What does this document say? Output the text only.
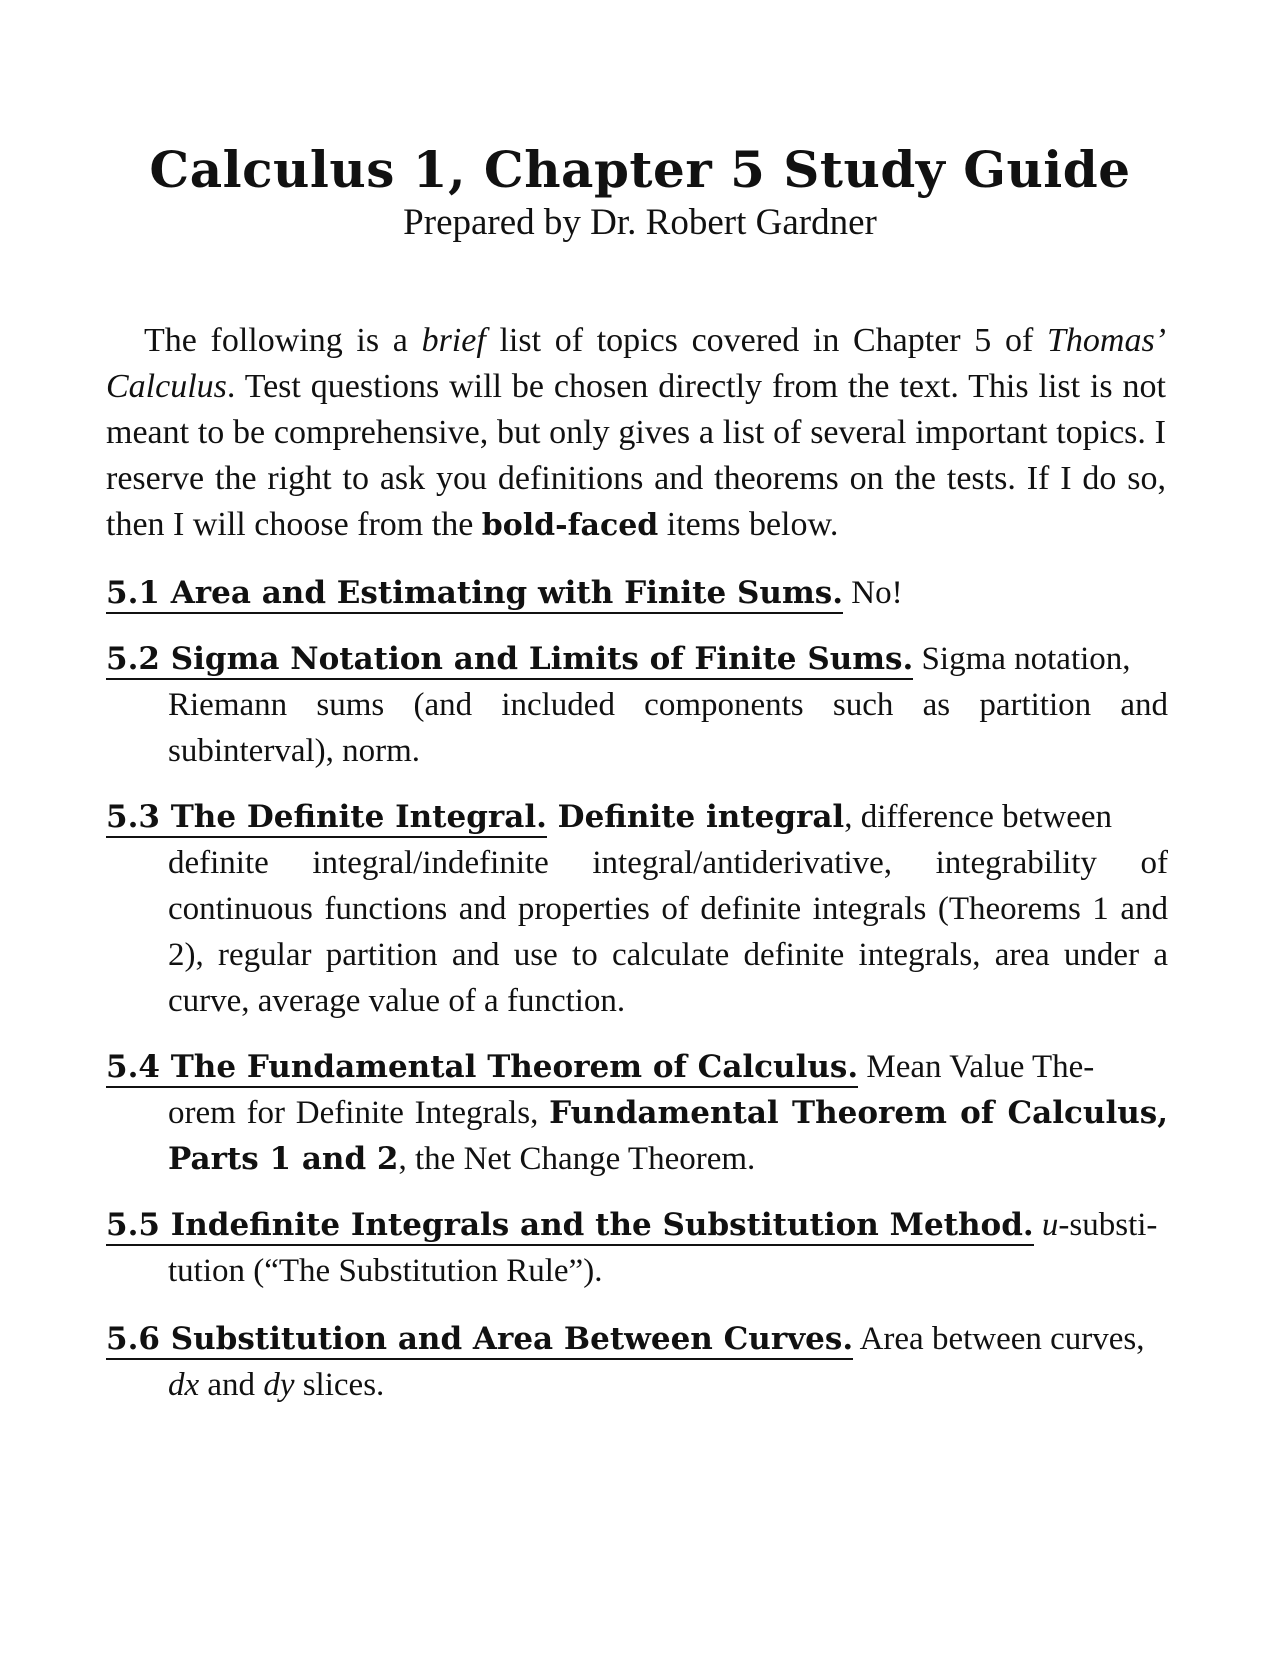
Calculus 1, Chapter 5 Study Guide
Prepared by Dr. Robert Gardner
The following is a brief list of topics covered in Chapter 5 of Thomas’ Calculus. Test questions will be chosen directly from the text. This list is not meant to be comprehensive, but only gives a list of several important topics. I reserve the right to ask you definitions and theorems on the tests. If I do so, then I will choose from the bold-faced items below.
5.1 Area and Estimating with Finite Sums. No!
5.2 Sigma Notation and Limits of Finite Sums. Sigma notation,
Riemann sums (and included components such as partition and subinterval), norm.
5.3 The Definite Integral. Definite integral, difference between
definite integral/indefinite integral/antiderivative, integrability of continuous functions and properties of definite integrals (Theorems 1 and 2), regular partition and use to calculate definite integrals, area under a curve, average value of a function.
5.4 The Fundamental Theorem of Calculus. Mean Value The-
orem for Definite Integrals, Fundamental Theorem of Calculus, Parts 1 and 2, the Net Change Theorem.
5.5 Indefinite Integrals and the Substitution Method. u-substi-
tution (“The Substitution Rule”).
5.6 Substitution and Area Between Curves. Area between curves,
dx and dy slices.
